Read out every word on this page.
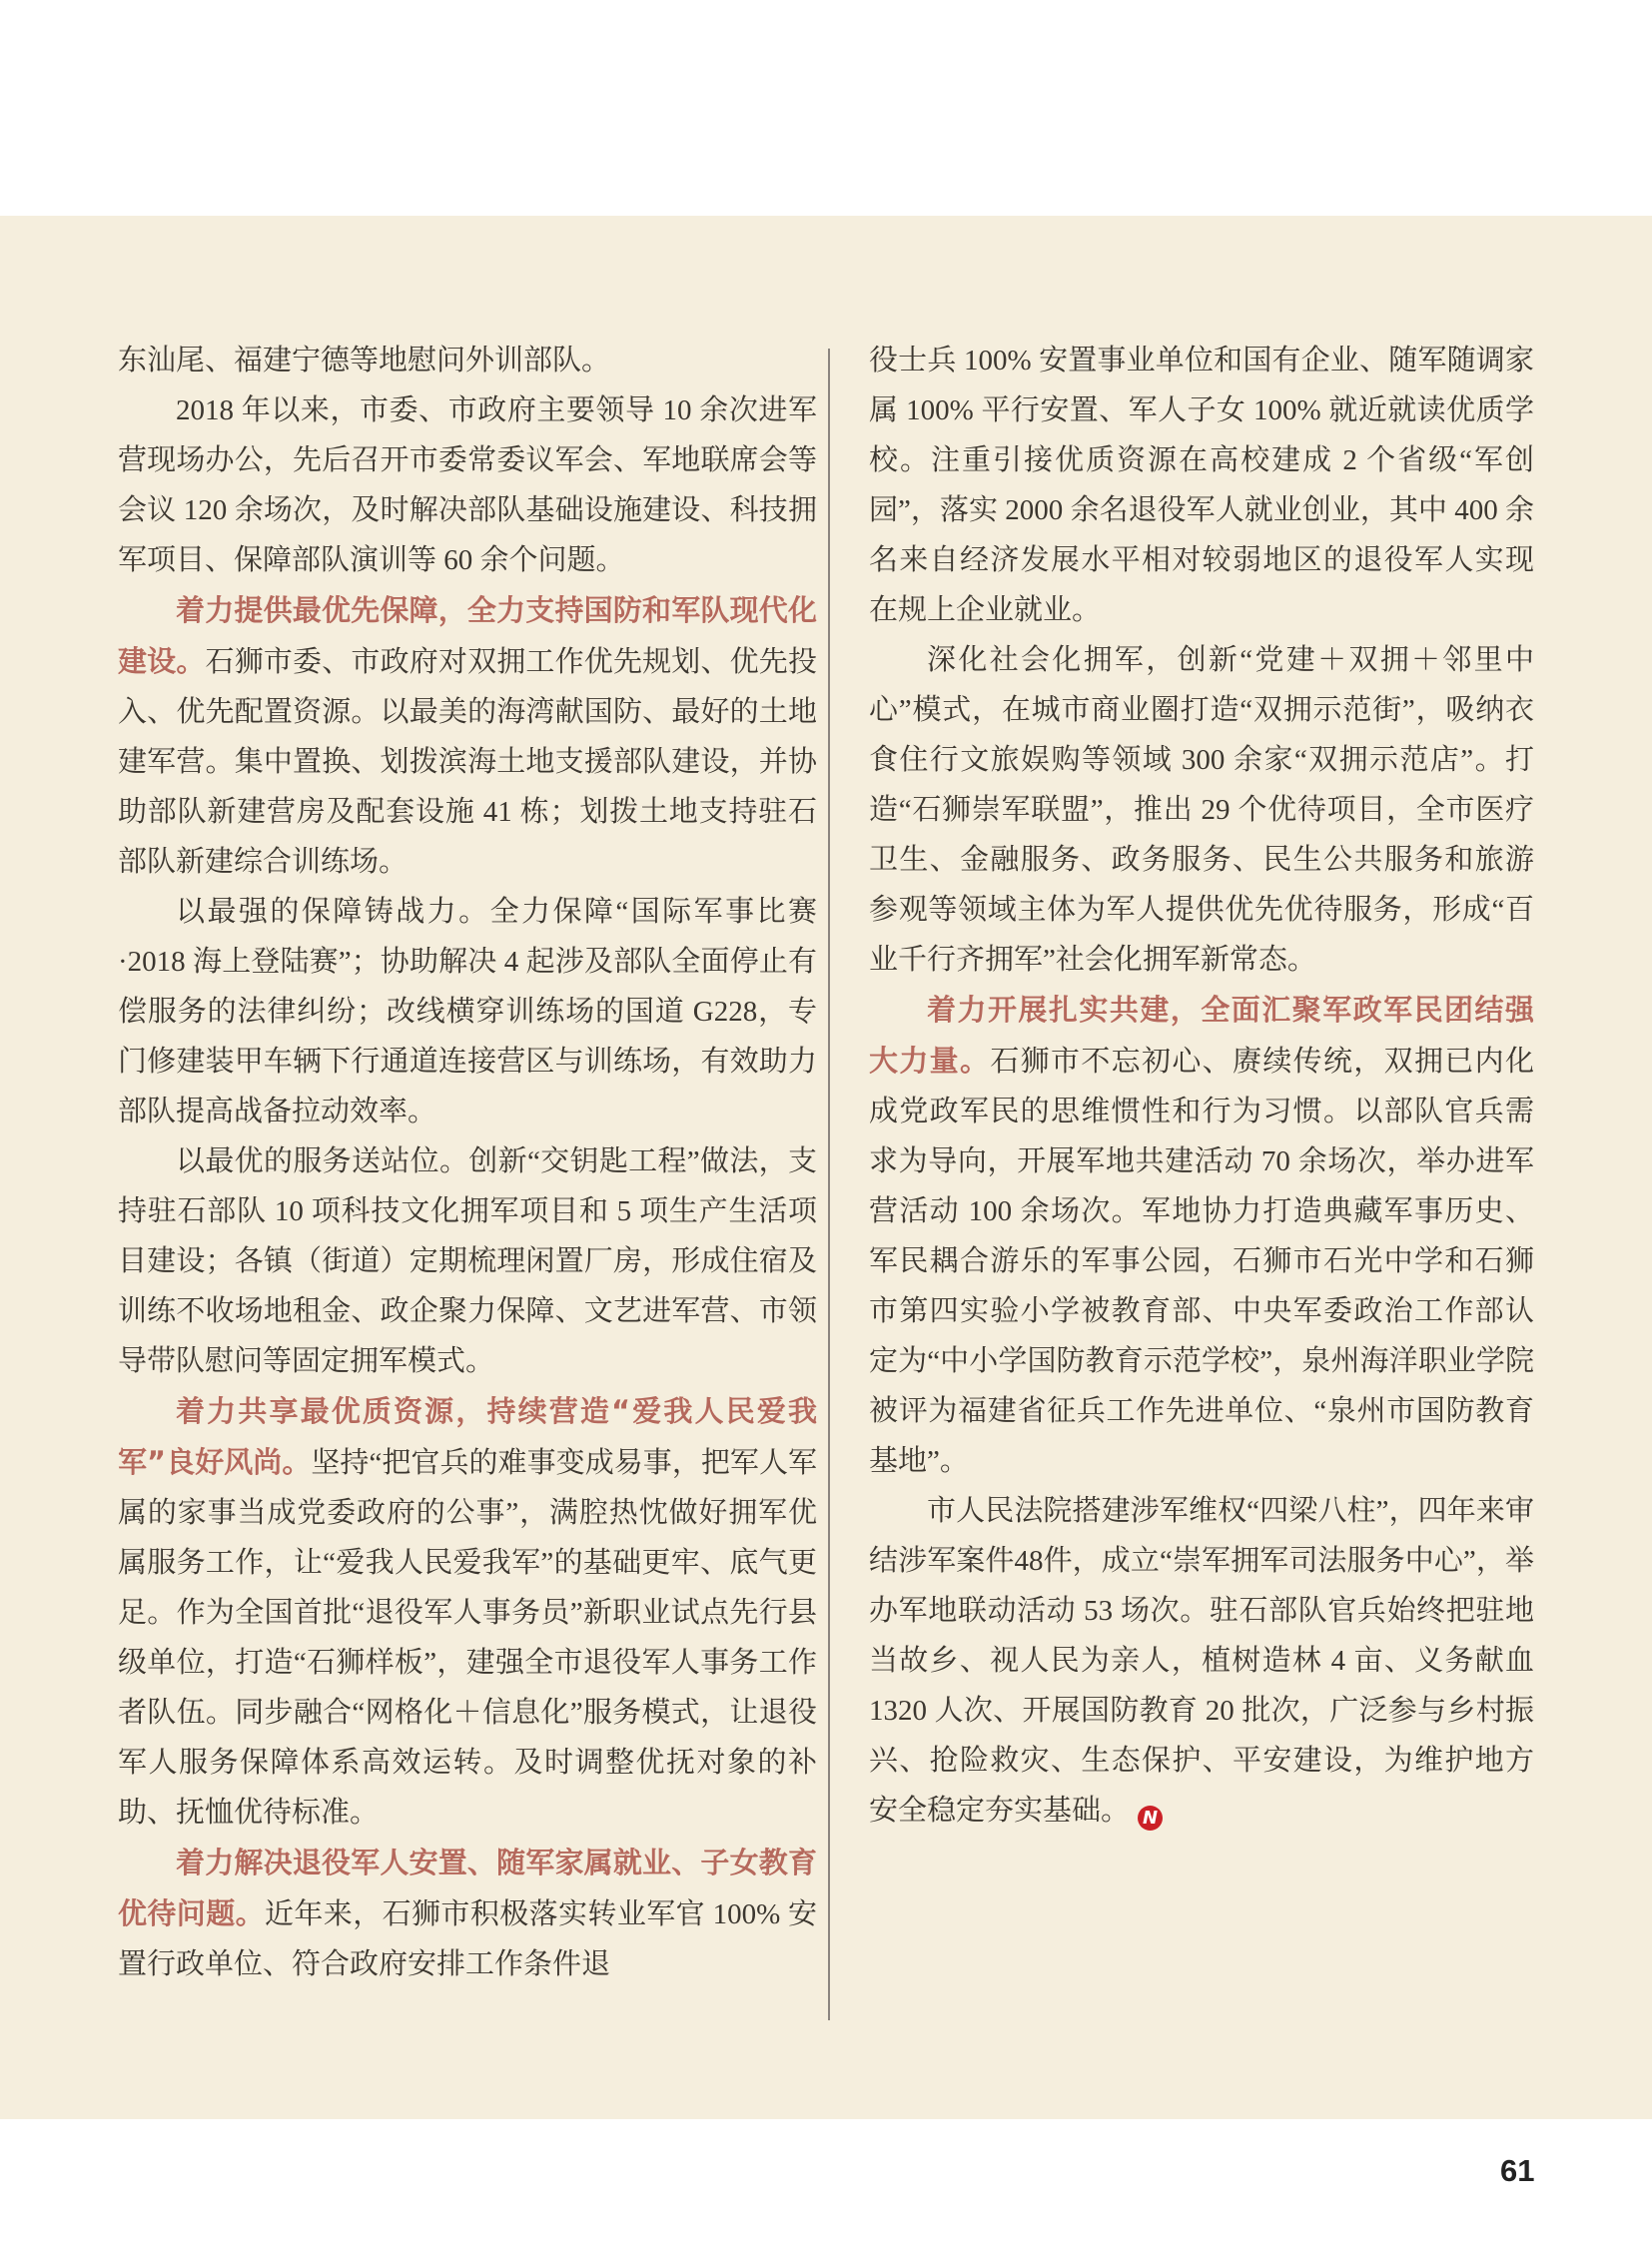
东汕尾、福建宁德等地慰问外训部队。

2018 年以来，市委、市政府主要领导 10 余次进军营现场办公，先后召开市委常委议军会、军地联席会等会议 120 余场次，及时解决部队基础设施建设、科技拥军项目、保障部队演训等 60 余个问题。

着力提供最优先保障，全力支持国防和军队现代化建设。石狮市委、市政府对双拥工作优先规划、优先投入、优先配置资源。以最美的海湾献国防、最好的土地建军营。集中置换、划拨滨海土地支援部队建设，并协助部队新建营房及配套设施 41 栋；划拨土地支持驻石部队新建综合训练场。

以最强的保障铸战力。全力保障“国际军事比赛·2018 海上登陆赛”；协助解决 4 起涉及部队全面停止有偿服务的法律纠纷；改线横穿训练场的国道 G228，专门修建装甲车辆下行通道连接营区与训练场，有效助力部队提高战备拉动效率。

以最优的服务送站位。创新“交钥匙工程”做法，支持驻石部队 10 项科技文化拥军项目和 5 项生产生活项目建设；各镇（街道）定期梳理闲置厂房，形成住宿及训练不收场地租金、政企聚力保障、文艺进军营、市领导带队慰问等固定拥军模式。

着力共享最优质资源，持续营造“爱我人民爱我军”良好风尚。坚持“把官兵的难事变成易事，把军人军属的家事当成党委政府的公事”，满腔热忱做好拥军优属服务工作，让“爱我人民爱我军”的基础更牢、底气更足。作为全国首批“退役军人事务员”新职业试点先行县级单位，打造“石狮样板”，建强全市退役军人事务工作者队伍。同步融合“网格化＋信息化”服务模式，让退役军人服务保障体系高效运转。及时调整优抚对象的补助、抚恤优待标准。

着力解决退役军人安置、随军家属就业、子女教育优待问题。近年来，石狮市积极落实转业军官 100% 安置行政单位、符合政府安排工作条件退

役士兵 100% 安置事业单位和国有企业、随军随调家属 100% 平行安置、军人子女 100% 就近就读优质学校。注重引接优质资源在高校建成 2 个省级“军创园”，落实 2000 余名退役军人就业创业，其中 400 余名来自经济发展水平相对较弱地区的退役军人实现在规上企业就业。

深化社会化拥军，创新“党建＋双拥＋邻里中心”模式，在城市商业圈打造“双拥示范街”，吸纳衣食住行文旅娱购等领域 300 余家“双拥示范店”。打造“石狮崇军联盟”，推出 29 个优待项目，全市医疗卫生、金融服务、政务服务、民生公共服务和旅游参观等领域主体为军人提供优先优待服务，形成“百业千行齐拥军”社会化拥军新常态。

着力开展扎实共建，全面汇聚军政军民团结强大力量。石狮市不忘初心、赓续传统，双拥已内化成党政军民的思维惯性和行为习惯。以部队官兵需求为导向，开展军地共建活动 70 余场次，举办进军营活动 100 余场次。军地协力打造典藏军事历史、军民耦合游乐的军事公园，石狮市石光中学和石狮市第四实验小学被教育部、中央军委政治工作部认定为“中小学国防教育示范学校”，泉州海洋职业学院被评为福建省征兵工作先进单位、“泉州市国防教育基地”。

市人民法院搭建涉军维权“四梁八柱”，四年来审结涉军案件48件，成立“崇军拥军司法服务中心”，举办军地联动活动 53 场次。驻石部队官兵始终把驻地当故乡、视人民为亲人，植树造林 4 亩、义务献血 1320 人次、开展国防教育 20 批次，广泛参与乡村振兴、抢险救灾、生态保护、平安建设，为维护地方安全稳定夯实基础。 N

61
